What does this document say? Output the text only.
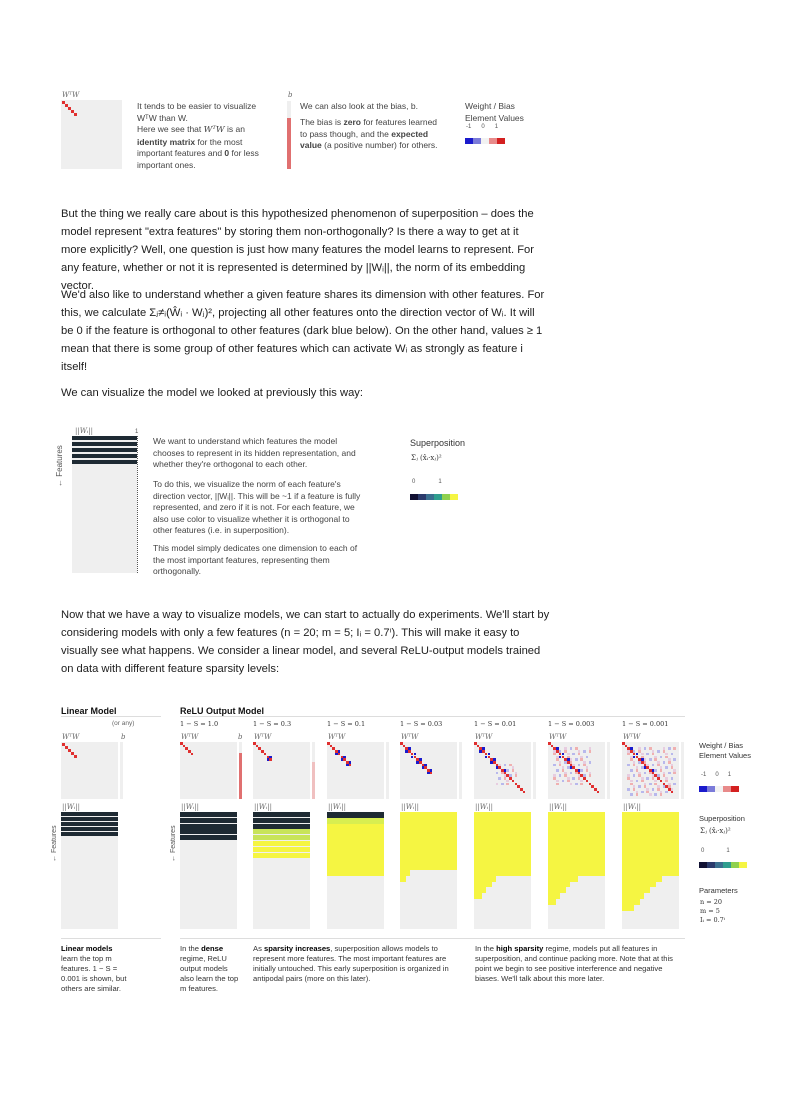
WᵀW
It tends to be easier to visualize WᵀW than W.
Here we see that WᵀW is an identity matrix for the most important features and 0 for less important ones.
b
We can also look at the bias, b.
The bias is zero for features learned to pass though, and the expected value (a positive number) for others.
Weight / Bias Element Values
-1 0 1

But the thing we really care about is this hypothesized phenomenon of superposition – does the model represent "extra features" by storing them non-orthogonally? Is there a way to get at it more explicitly? Well, one question is just how many features the model learns to represent. For any feature, whether or not it is represented is determined by ||Wᵢ||, the norm of its embedding vector.

We'd also like to understand whether a given feature shares its dimension with other features. For this, we calculate Σⱼ≠ᵢ(Ŵᵢ · Wⱼ)², projecting all other features onto the direction vector of Wᵢ. It will be 0 if the feature is orthogonal to other features (dark blue below). On the other hand, values ≥ 1 mean that there is some group of other features which can activate Wᵢ as strongly as feature i itself!

We can visualize the model we looked at previously this way:

||Wᵢ||	1
← Features
We want to understand which features the model chooses to represent in its hidden representation, and whether they're orthogonal to each other.
To do this, we visualize the norm of each feature's direction vector, ||Wᵢ||. This will be ~1 if a feature is fully represented, and zero if it is not. For each feature, we also use color to visualize whether it is orthogonal to other features (i.e. in superposition).
This model simply dedicates one dimension to each of the most important features, representing them orthogonally.
Superposition
Σⱼ (x̂ᵢ·xⱼ)²
0	1

Now that we have a way to visualize models, we can start to actually do experiments. We'll start by considering models with only a few features (n = 20; m = 5; Iᵢ = 0.7ⁱ). This will make it easy to visually see what happens. We consider a linear model, and several ReLU-output models trained on data with different feature sparsity levels:

Linear Model	ReLU Output Model
(or any)
WᵀW	b
||Wᵢ||
← Features
1 − S = 1.0
WᵀW	b
||Wᵢ||
← Features
1 − S = 0.3
WᵀW
||Wᵢ||
1 − S = 0.1
WᵀW
||Wᵢ||
1 − S = 0.03
WᵀW
||Wᵢ||
1 − S = 0.01
WᵀW
||Wᵢ||
1 − S = 0.003
WᵀW
||Wᵢ||
1 − S = 0.001
WᵀW
||Wᵢ||
Weight / Bias Element Values
-1 0 1
Superposition
Σⱼ (x̂ᵢ·xⱼ)²
0	1
Parameters
n = 20
m = 5
Iᵢ = 0.7ⁱ
Linear models learn the top m features. 1 − S = 0.001 is shown, but others are similar.
In the dense regime, ReLU output models also learn the top m features.
As sparsity increases, superposition allows models to represent more features. The most important features are initially untouched. This early superposition is organized in antipodal pairs (more on this later).
In the high sparsity regime, models put all features in superposition, and continue packing more. Note that at this point we begin to see positive interference and negative biases. We'll talk about this more later.
